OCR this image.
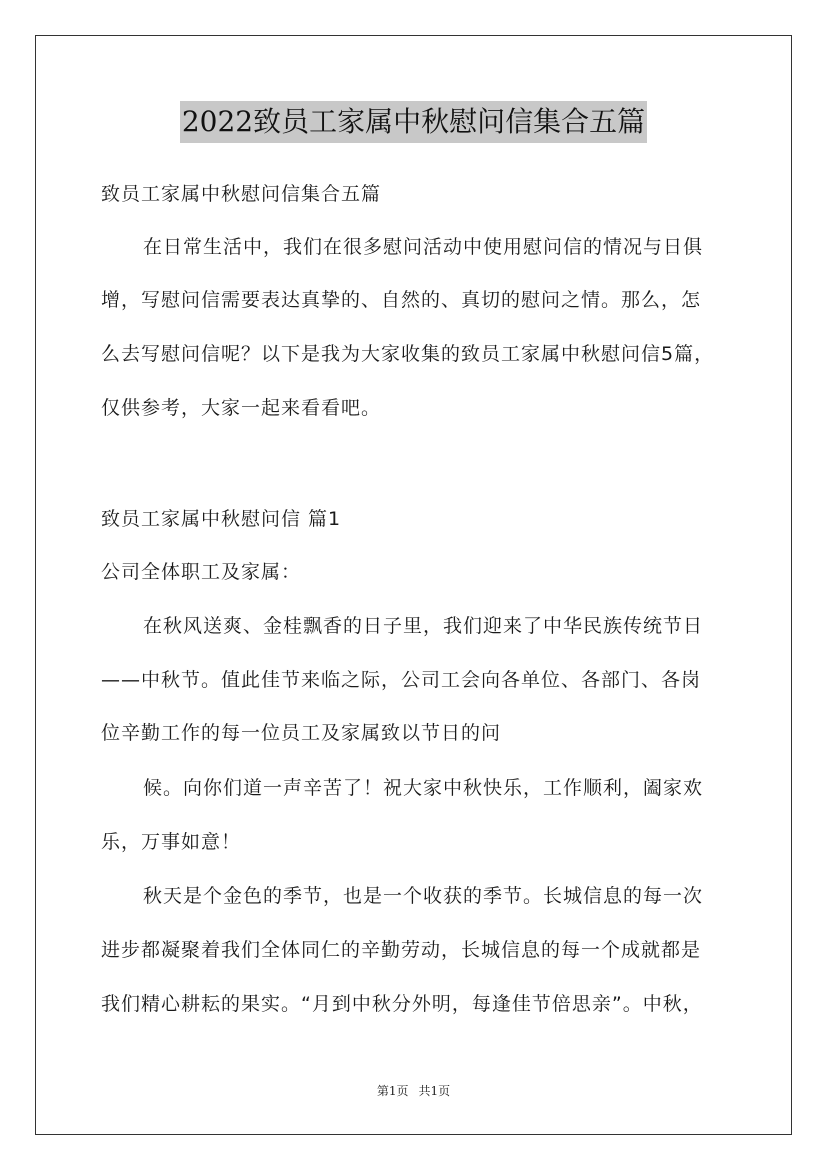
2022致员工家属中秋慰问信集合五篇
致员工家属中秋慰问信集合五篇
在日常生活中，我们在很多慰问活动中使用慰问信的情况与日俱
增，写慰问信需要表达真挚的、自然的、真切的慰问之情。那么，怎
么去写慰问信呢？以下是我为大家收集的致员工家属中秋慰问信5篇，
仅供参考，大家一起来看看吧。
致员工家属中秋慰问信 篇1
公司全体职工及家属：
在秋风送爽、金桂飘香的日子里，我们迎来了中华民族传统节日
——中秋节。值此佳节来临之际，公司工会向各单位、各部门、各岗
位辛勤工作的每一位员工及家属致以节日的问
候。向你们道一声辛苦了！祝大家中秋快乐，工作顺利，阖家欢
乐，万事如意！
秋天是个金色的季节，也是一个收获的季节。长城信息的每一次
进步都凝聚着我们全体同仁的辛勤劳动，长城信息的每一个成就都是
我们精心耕耘的果实。“月到中秋分外明，每逢佳节倍思亲”。中秋，
第1页 共1页
